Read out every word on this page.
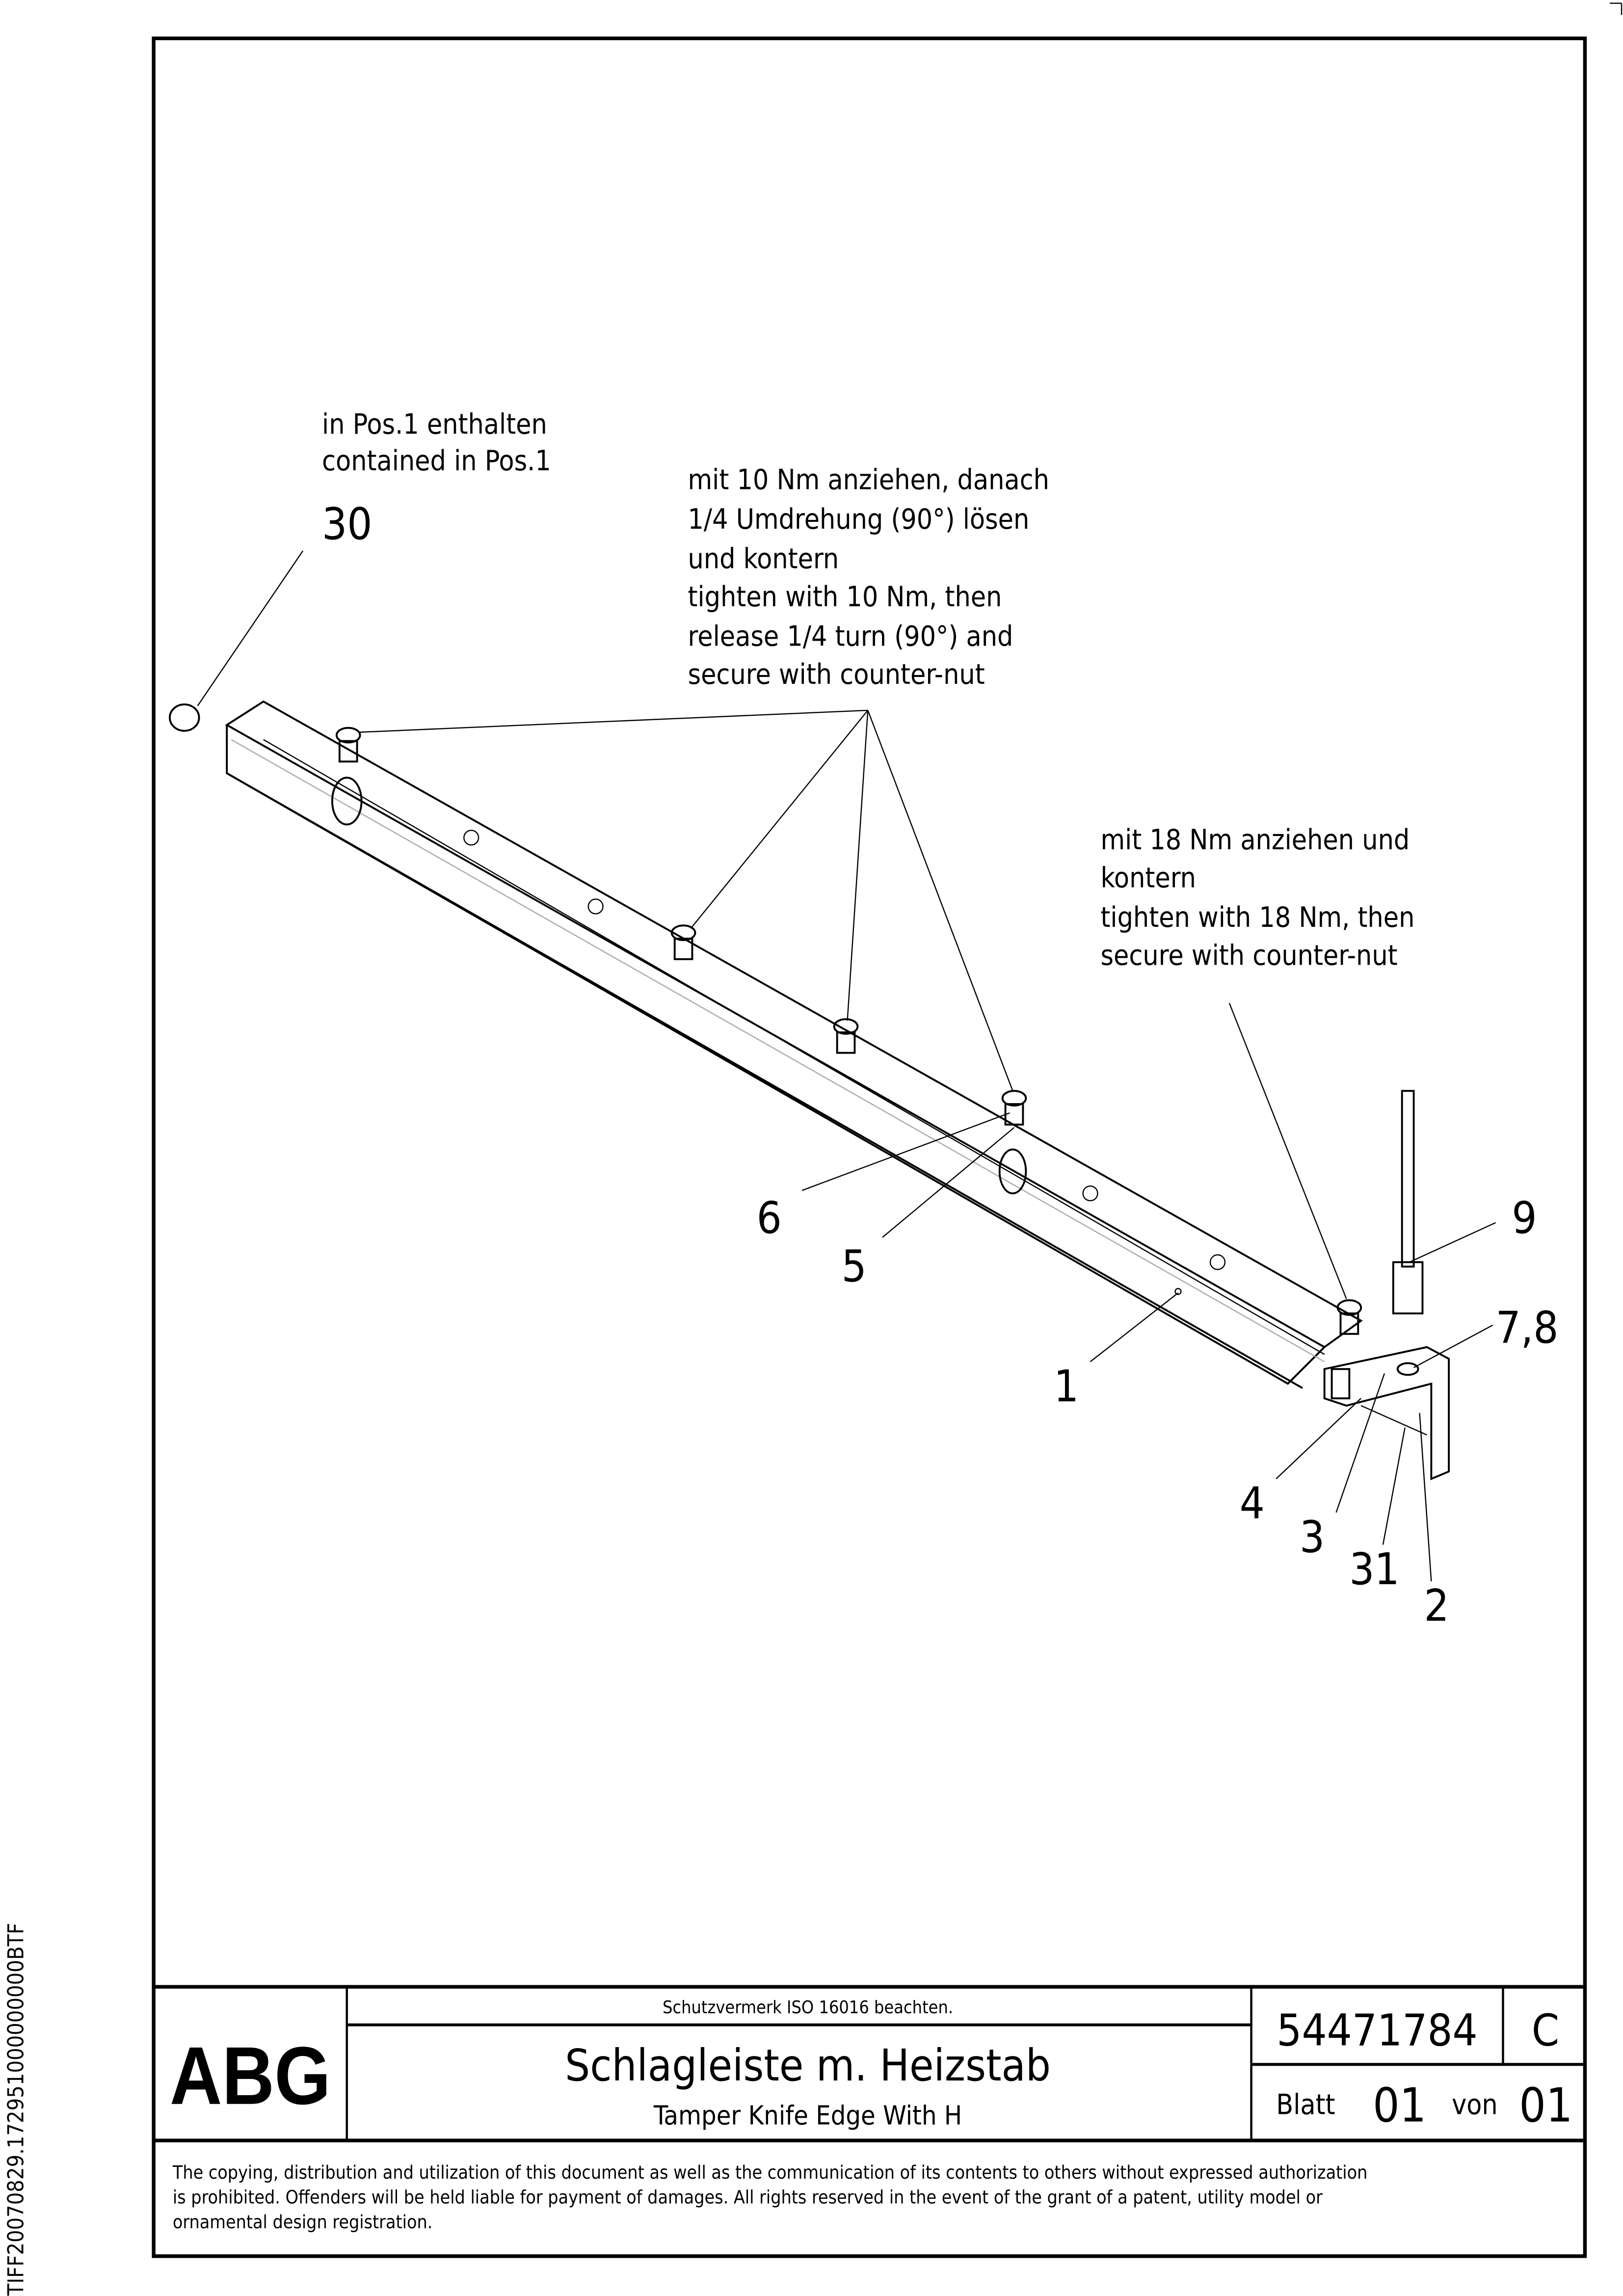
in Pos.1 enthalten
contained in Pos.1
mit 10 Nm anziehen, danach
1/4 Umdrehung (90°) lösen
und kontern
tighten with 10 Nm, then
release 1/4 turn (90°) and
secure with counter-nut
mit 18 Nm anziehen und
kontern
tighten with 18 Nm, then
secure with counter-nut
30
6
5
1
9
7,8
4
3
31
2
ABG
Schutzvermerk ISO 16016 beachten.
Schlagleiste m. Heizstab
Tamper Knife Edge With H
54471784	C
Blatt 01	von 01
The copying, distribution and utilization of this document as well as the communication of its contents to others without expressed authorization
is prohibited. Offenders will be held liable for payment of damages. All rights reserved in the event of the grant of a patent, utility model or
ornamental design registration.
TIFF20070829.172951000000000BTF
